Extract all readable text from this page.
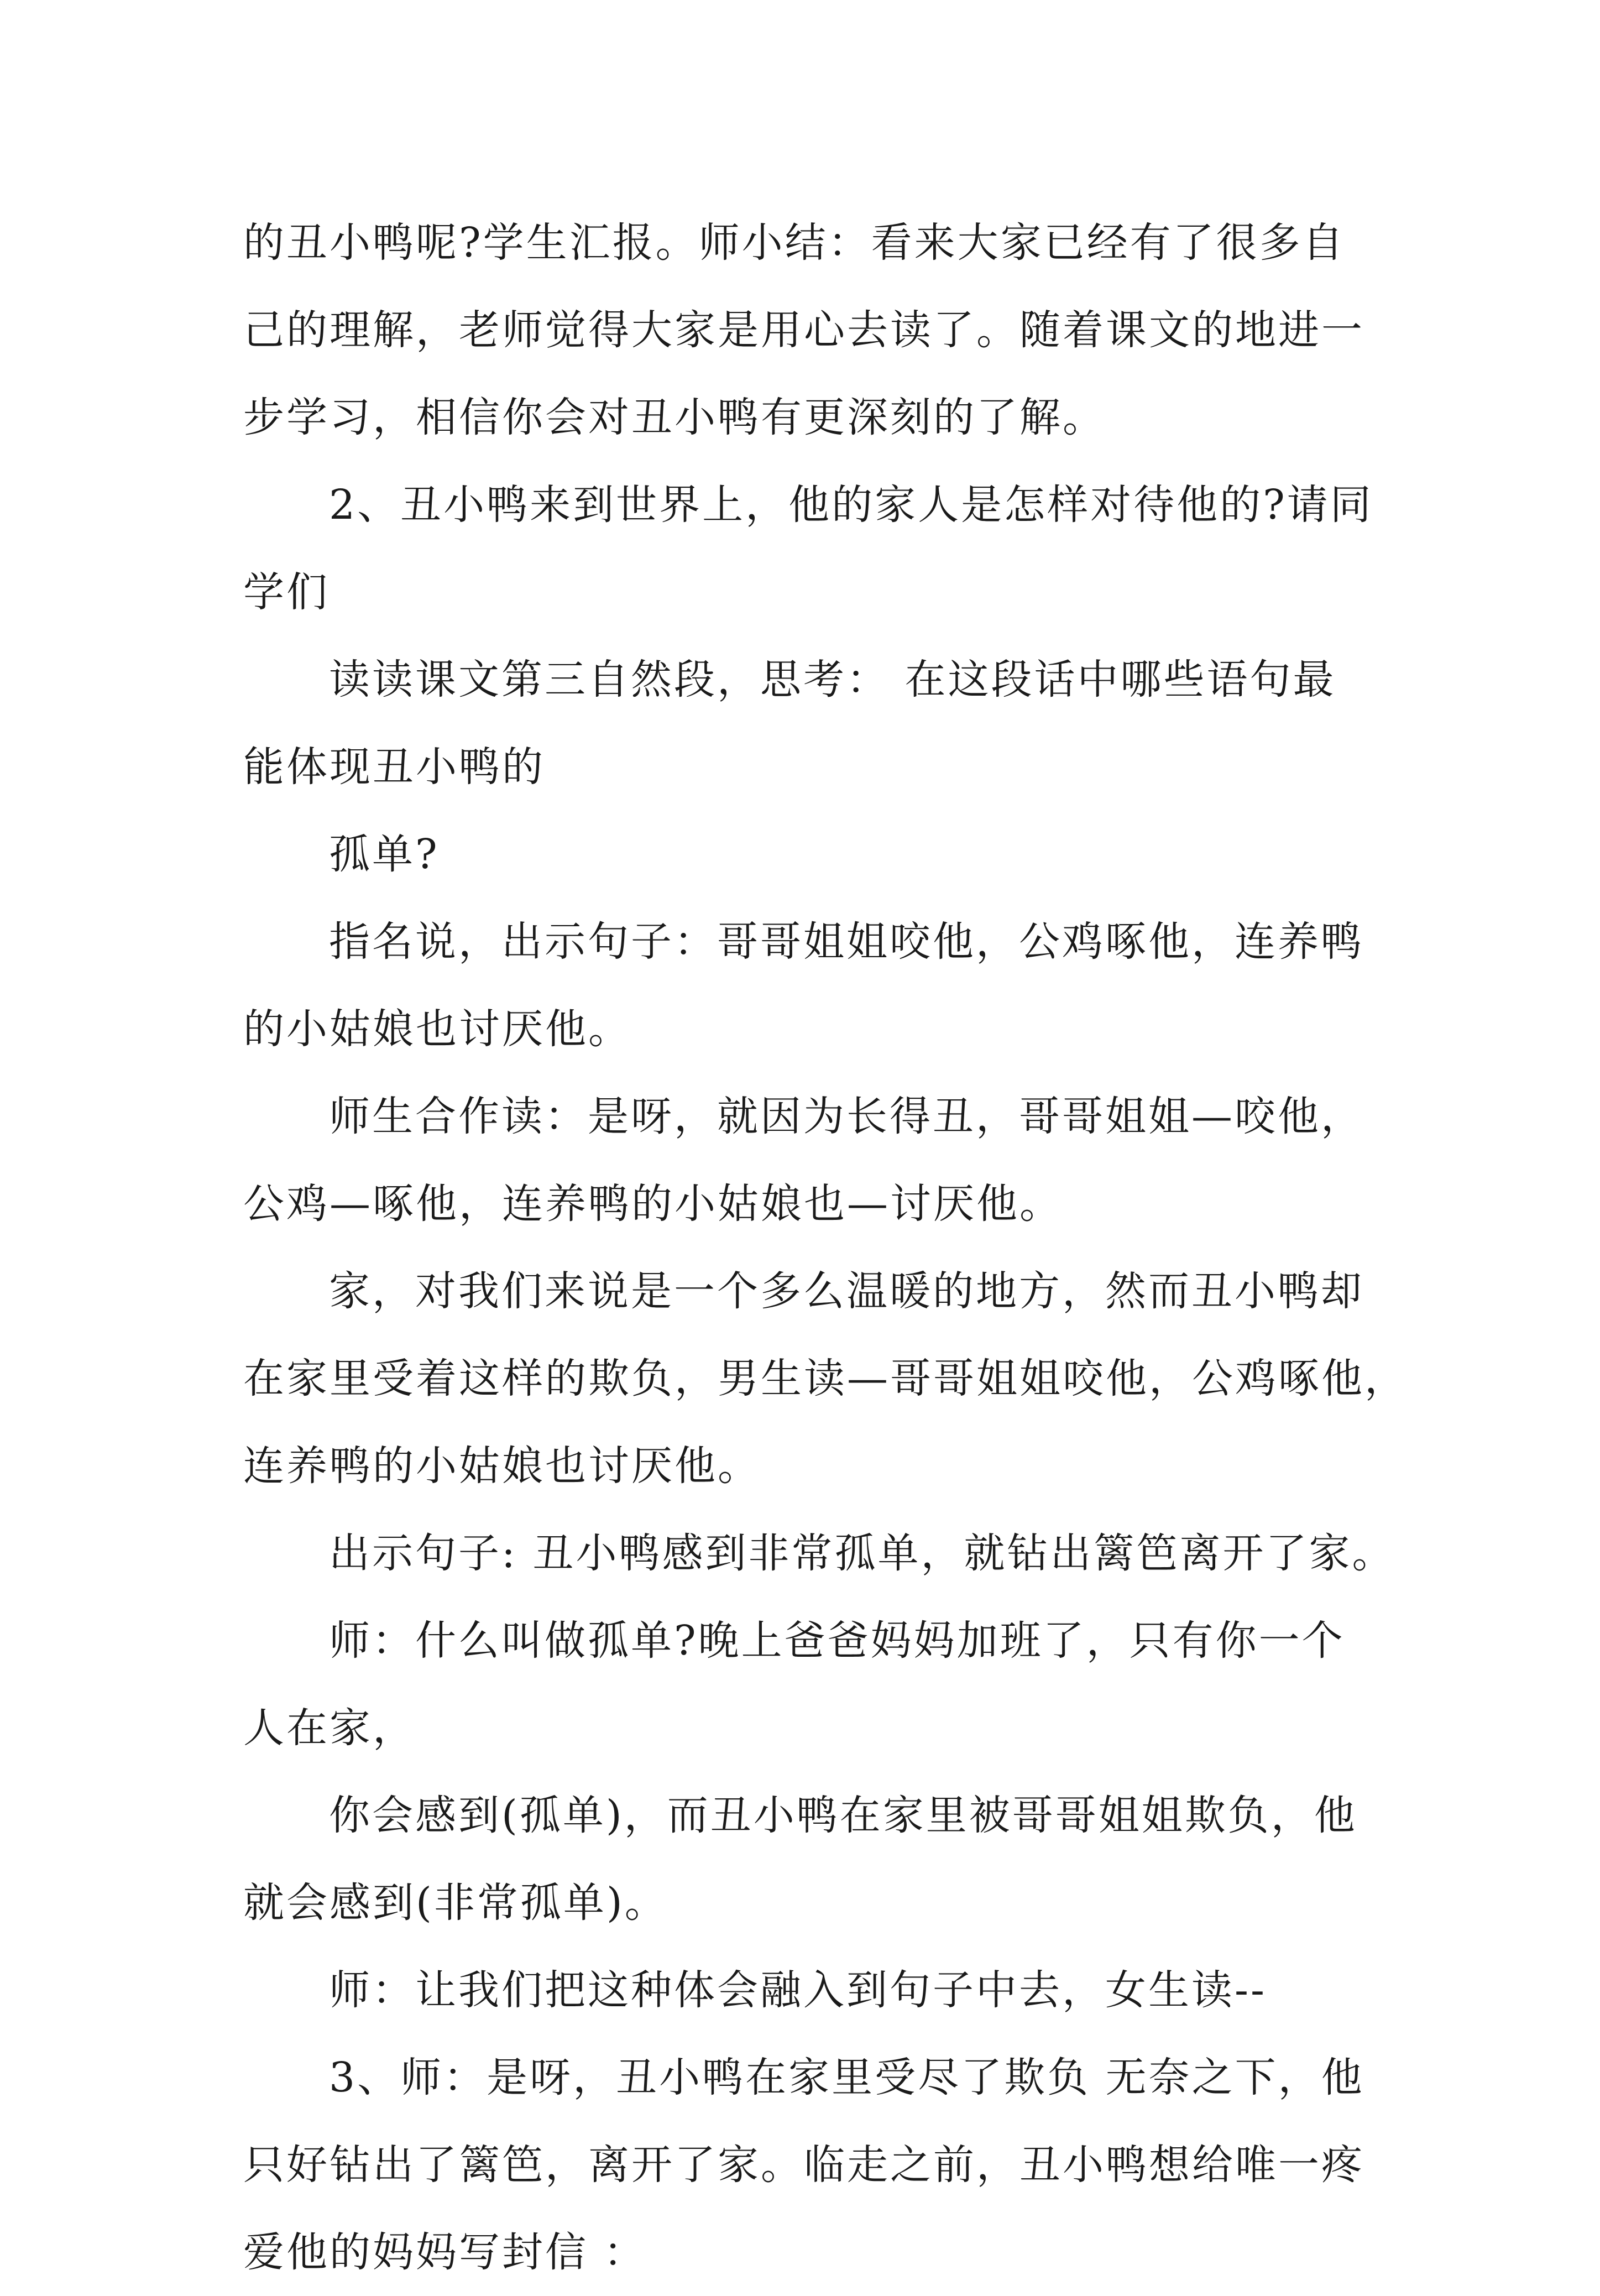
的丑小鸭呢?学生汇报。师小结：看来大家已经有了很多自
己的理解，老师觉得大家是用心去读了。随着课文的地进一
步学习，相信你会对丑小鸭有更深刻的了解。
2、丑小鸭来到世界上，他的家人是怎样对待他的?请同
学们
读读课文第三自然段，思考： 在这段话中哪些语句最
能体现丑小鸭的
孤单?
指名说，出示句子：哥哥姐姐咬他，公鸡啄他，连养鸭
的小姑娘也讨厌他。
师生合作读：是呀，就因为长得丑，哥哥姐姐—咬他，
公鸡—啄他，连养鸭的小姑娘也—讨厌他。
家，对我们来说是一个多么温暖的地方，然而丑小鸭却
在家里受着这样的欺负，男生读—哥哥姐姐咬他，公鸡啄他，
连养鸭的小姑娘也讨厌他。
出示句子: 丑小鸭感到非常孤单，就钻出篱笆离开了家。
师：什么叫做孤单?晚上爸爸妈妈加班了，只有你一个
人在家，
你会感到(孤单)，而丑小鸭在家里被哥哥姐姐欺负，他
就会感到(非常孤单)。
师：让我们把这种体会融入到句子中去，女生读--
3、师：是呀，丑小鸭在家里受尽了欺负 无奈之下，他
只好钻出了篱笆，离开了家。临走之前，丑小鸭想给唯一疼
爱他的妈妈写封信 ：
